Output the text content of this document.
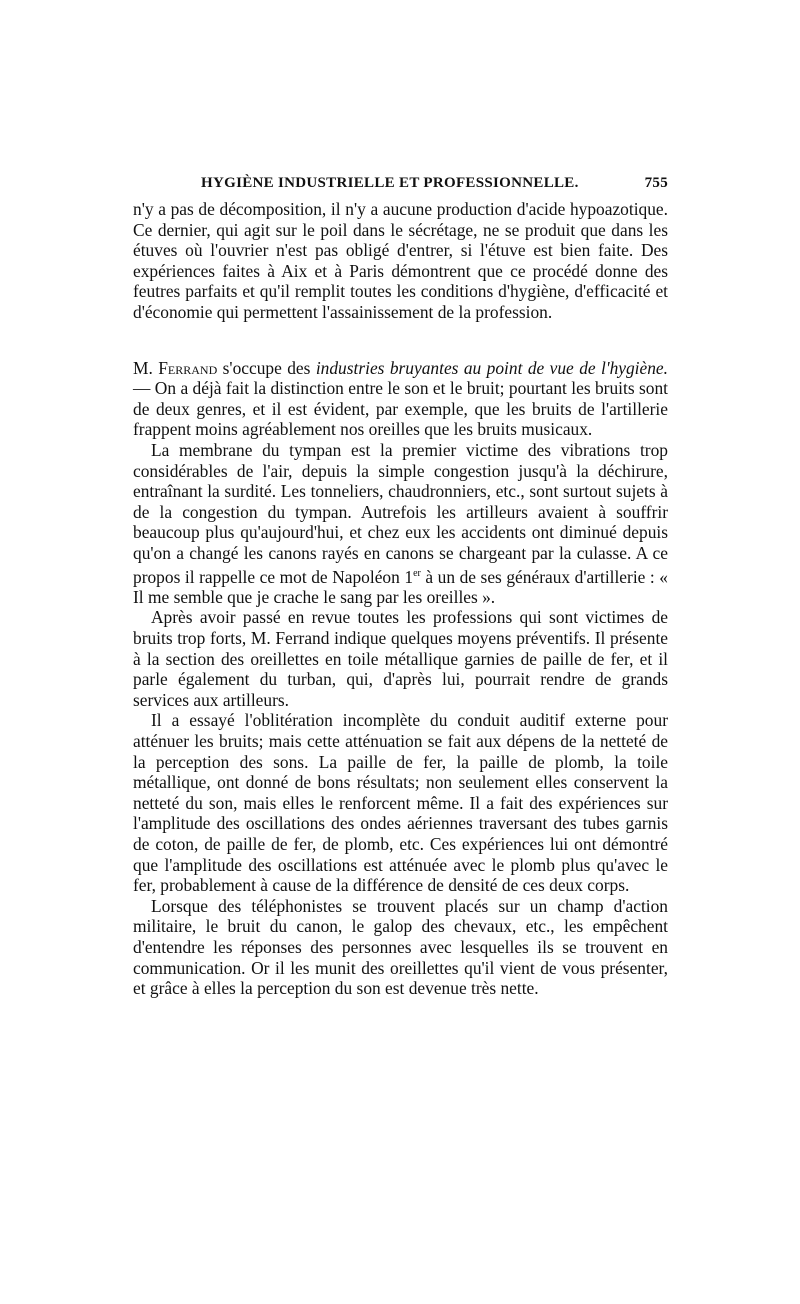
HYGIÈNE INDUSTRIELLE ET PROFESSIONNELLE.	755

n'y a pas de décomposition, il n'y a aucune production d'acide hypoazotique. Ce dernier, qui agit sur le poil dans le sécrétage, ne se produit que dans les étuves où l'ouvrier n'est pas obligé d'entrer, si l'étuve est bien faite. Des expériences faites à Aix et à Paris démontrent que ce procédé donne des feutres parfaits et qu'il remplit toutes les conditions d'hygiène, d'efficacité et d'économie qui permettent l'assainissement de la profession.

M. Ferrand s'occupe des industries bruyantes au point de vue de l'hygiène. — On a déjà fait la distinction entre le son et le bruit; pourtant les bruits sont de deux genres, et il est évident, par exemple, que les bruits de l'artillerie frappent moins agréablement nos oreilles que les bruits musicaux.

La membrane du tympan est la premier victime des vibrations trop considérables de l'air, depuis la simple congestion jusqu'à la déchirure, entraînant la surdité. Les tonneliers, chaudronniers, etc., sont surtout sujets à de la congestion du tympan. Autrefois les artilleurs avaient à souffrir beaucoup plus qu'aujourd'hui, et chez eux les accidents ont diminué depuis qu'on a changé les canons rayés en canons se chargeant par la culasse. A ce propos il rappelle ce mot de Napoléon 1er à un de ses généraux d'artillerie : « Il me semble que je crache le sang par les oreilles ».

Après avoir passé en revue toutes les professions qui sont victimes de bruits trop forts, M. Ferrand indique quelques moyens préventifs. Il présente à la section des oreillettes en toile métallique garnies de paille de fer, et il parle également du turban, qui, d'après lui, pourrait rendre de grands services aux artilleurs.

Il a essayé l'oblitération incomplète du conduit auditif externe pour atténuer les bruits; mais cette atténuation se fait aux dépens de la netteté de la perception des sons. La paille de fer, la paille de plomb, la toile métallique, ont donné de bons résultats; non seulement elles conservent la netteté du son, mais elles le renforcent même. Il a fait des expériences sur l'amplitude des oscillations des ondes aériennes traversant des tubes garnis de coton, de paille de fer, de plomb, etc. Ces expériences lui ont démontré que l'amplitude des oscillations est atténuée avec le plomb plus qu'avec le fer, probablement à cause de la différence de densité de ces deux corps.

Lorsque des téléphonistes se trouvent placés sur un champ d'action militaire, le bruit du canon, le galop des chevaux, etc., les empêchent d'entendre les réponses des personnes avec lesquelles ils se trouvent en communication. Or il les munit des oreillettes qu'il vient de vous présenter, et grâce à elles la perception du son est devenue très nette.
